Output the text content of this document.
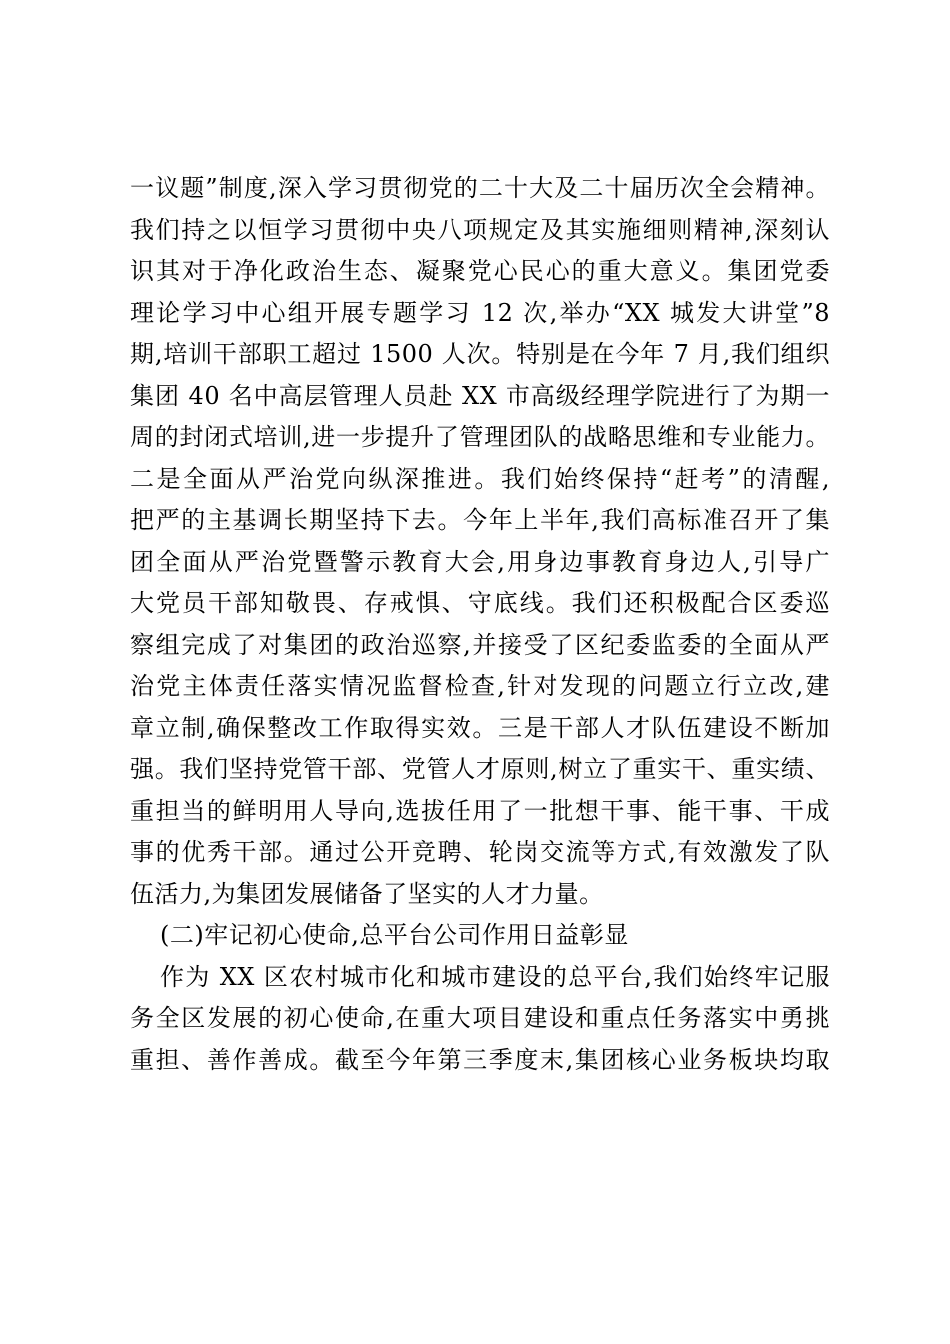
一议题”制度,深入学习贯彻党的二十大及二十届历次全会精神。
我们持之以恒学习贯彻中央八项规定及其实施细则精神,深刻认
识其对于净化政治生态、凝聚党心民心的重大意义。集团党委
理论学习中心组开展专题学习 12 次,举办“XX 城发大讲堂”8
期,培训干部职工超过 1500 人次。特别是在今年 7 月,我们组织
集团 40 名中高层管理人员赴 XX 市高级经理学院进行了为期一
周的封闭式培训,进一步提升了管理团队的战略思维和专业能力。
二是全面从严治党向纵深推进。我们始终保持“赶考”的清醒,
把严的主基调长期坚持下去。今年上半年,我们高标准召开了集
团全面从严治党暨警示教育大会,用身边事教育身边人,引导广
大党员干部知敬畏、存戒惧、守底线。我们还积极配合区委巡
察组完成了对集团的政治巡察,并接受了区纪委监委的全面从严
治党主体责任落实情况监督检查,针对发现的问题立行立改,建
章立制,确保整改工作取得实效。三是干部人才队伍建设不断加
强。我们坚持党管干部、党管人才原则,树立了重实干、重实绩、
重担当的鲜明用人导向,选拔任用了一批想干事、能干事、干成
事的优秀干部。通过公开竞聘、轮岗交流等方式,有效激发了队
伍活力,为集团发展储备了坚实的人才力量。
(二)牢记初心使命,总平台公司作用日益彰显
作为 XX 区农村城市化和城市建设的总平台,我们始终牢记服
务全区发展的初心使命,在重大项目建设和重点任务落实中勇挑
重担、善作善成。截至今年第三季度末,集团核心业务板块均取
